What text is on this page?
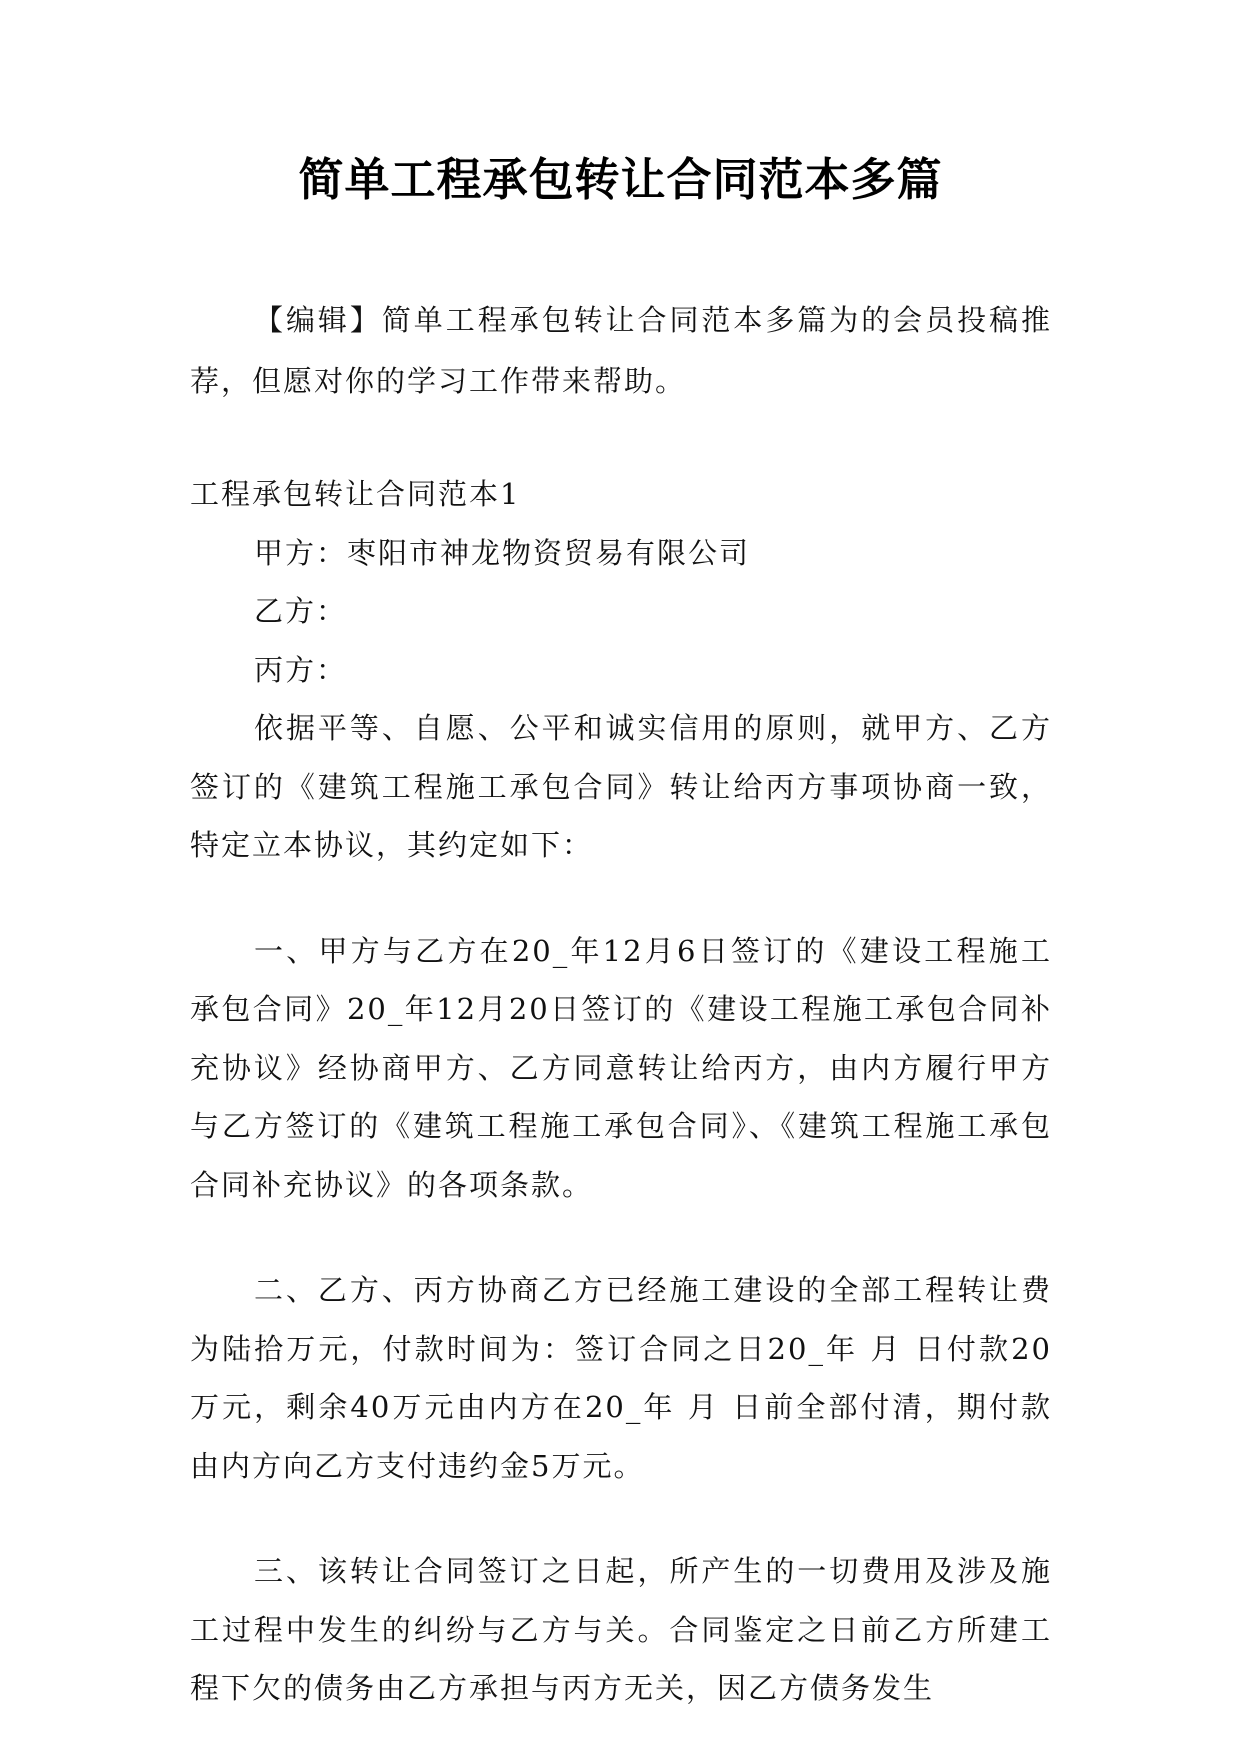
简单工程承包转让合同范本多篇

【编辑】简单工程承包转让合同范本多篇为的会员投稿推荐，但愿对你的学习工作带来帮助。

工程承包转让合同范本1

甲方：枣阳市神龙物资贸易有限公司

乙方：

丙方：

依据平等、自愿、公平和诚实信用的原则，就甲方、乙方签订的《建筑工程施工承包合同》转让给丙方事项协商一致，特定立本协议，其约定如下：

一、甲方与乙方在20_年12月6日签订的《建设工程施工承包合同》20_年12月20日签订的《建设工程施工承包合同补充协议》经协商甲方、乙方同意转让给丙方，由内方履行甲方与乙方签订的《建筑工程施工承包合同》、《建筑工程施工承包合同补充协议》的各项条款。

二、乙方、丙方协商乙方已经施工建设的全部工程转让费为陆拾万元，付款时间为：签订合同之日20_年 月 日付款20万元，剩余40万元由内方在20_年 月 日前全部付清，期付款由内方向乙方支付违约金5万元。

三、该转让合同签订之日起，所产生的一切费用及涉及施工过程中发生的纠纷与乙方与关。合同鉴定之日前乙方所建工程下欠的债务由乙方承担与丙方无关，因乙方债务发生
